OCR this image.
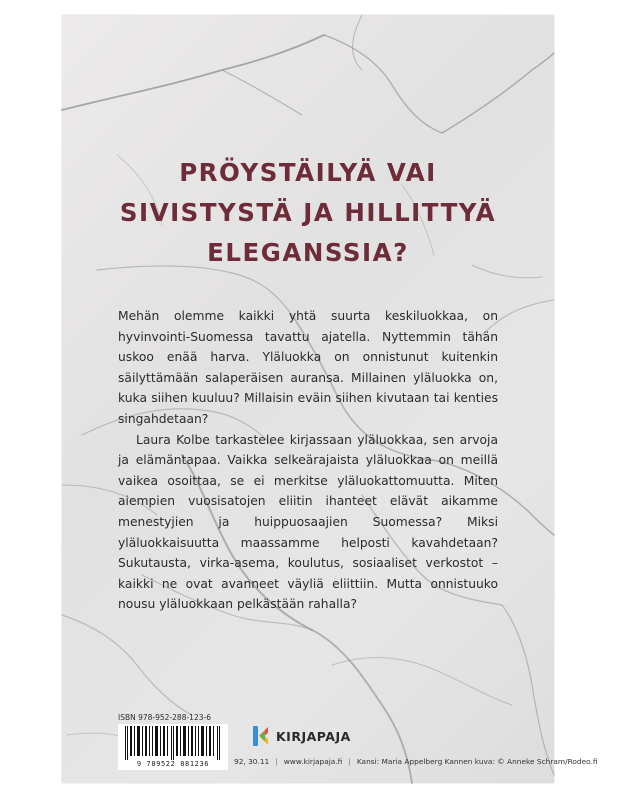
PRÖYSTÄILYÄ VAI
SIVISTYSTÄ JA HILLITTYÄ
ELEGANSSIA?

Mehän olemme kaikki yhtä suurta keskiluokkaa, on hyvinvointi-Suomessa tavattu ajatella. Nyttemmin tähän uskoo enää harva. Yläluokka on onnistunut kuitenkin säilyttämään salaperäisen auransa. Millainen yläluokka on, kuka siihen kuuluu? Millaisin eväin siihen kivutaan tai kenties singahdetaan?

Laura Kolbe tarkastelee kirjassaan yläluokkaa, sen arvoja ja elämäntapaa. Vaikka selkeärajaista yläluokkaa on meillä vaikea osoittaa, se ei merkitse yläluokattomuutta. Miten aiempien vuosisatojen eliitin ihanteet elävät aikamme menestyjien ja huippuosaajien Suomessa? Miksi yläluokkaisuutta maassamme helposti kavahdetaan? Sukutausta, virka-asema, koulutus, sosiaaliset verkostot – kaikki ne ovat avanneet väyliä eliittiin. Mutta onnistuuko nousu yläluokkaan pelkästään rahalla?

ISBN 978-952-288-123-6
9 789522 881236
KIRJAPAJA
92, 30.11 | www.kirjapaja.fi | Kansi: Maria Appelberg Kannen kuva: © Anneke Schram/Rodeo.fi
